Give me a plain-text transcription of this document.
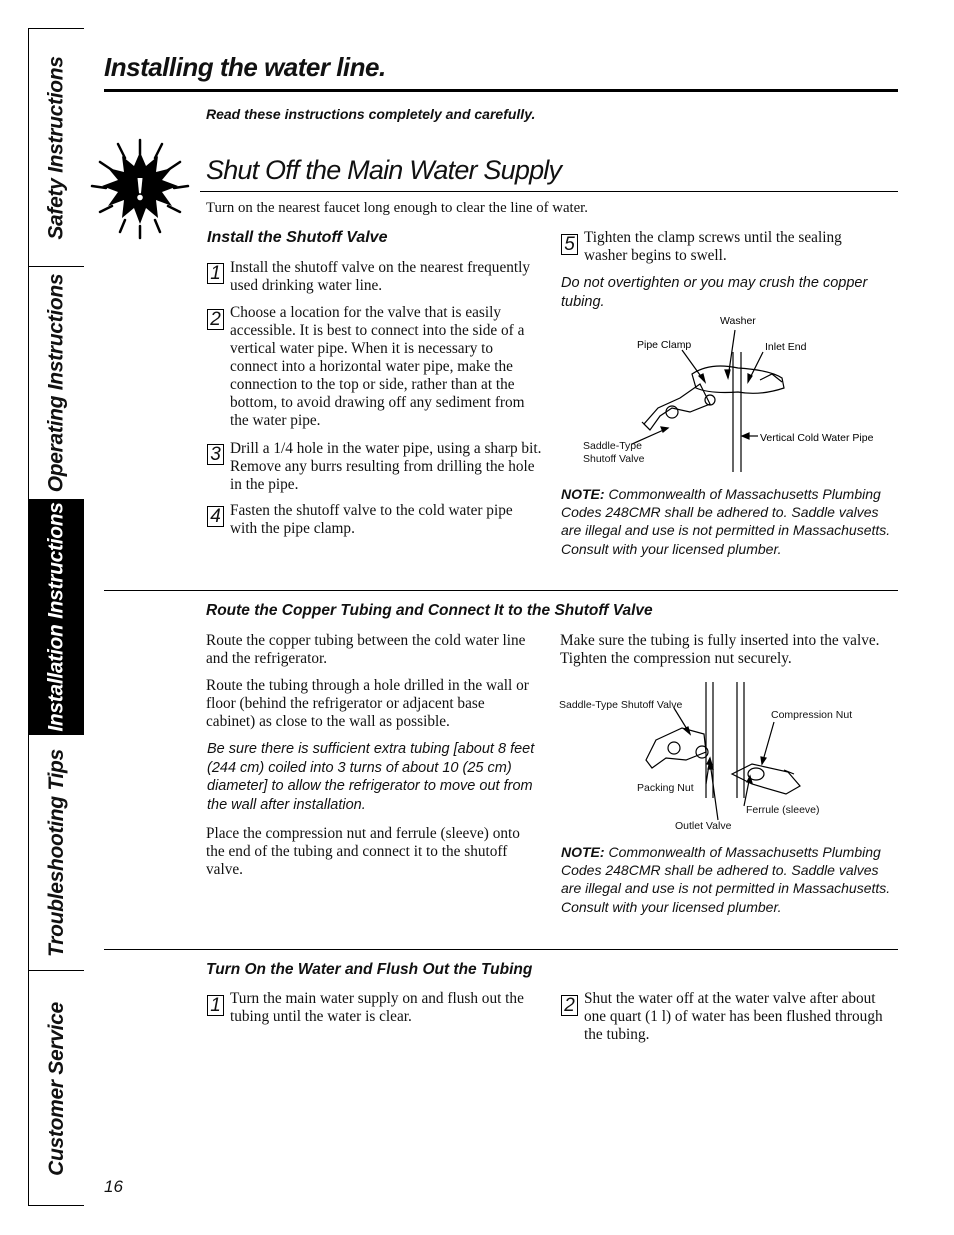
Safety Instructions
Operating Instructions
Installation Instructions
Troubleshooting Tips
Customer Service
Installing the water line.
Read these instructions completely and carefully.
!
Shut Off the Main Water Supply
Turn on the nearest faucet long enough to clear the line of water.
Install the Shutoff Valve
1 Install the shutoff valve on the nearest frequently used drinking water line.
2 Choose a location for the valve that is easily accessible. It is best to connect into the side of a vertical water pipe. When it is necessary to connect into a horizontal water pipe, make the connection to the top or side, rather than at the bottom, to avoid drawing off any sediment from the water pipe.
3 Drill a 1/4 hole in the water pipe, using a sharp bit. Remove any burrs resulting from drilling the hole in the pipe.
4 Fasten the shutoff valve to the cold water pipe with the pipe clamp.
5 Tighten the clamp screws until the sealing washer begins to swell.
Do not overtighten or you may crush the copper tubing.
Washer
Pipe Clamp	Inlet End
Vertical Cold Water Pipe
Saddle-Type
Shutoff Valve
NOTE: Commonwealth of Massachusetts Plumbing Codes 248CMR shall be adhered to. Saddle valves are illegal and use is not permitted in Massachusetts. Consult with your licensed plumber.
Route the Copper Tubing and Connect It to the Shutoff Valve
Route the copper tubing between the cold water line and the refrigerator.
Route the tubing through a hole drilled in the wall or floor (behind the refrigerator or adjacent base cabinet) as close to the wall as possible.
Be sure there is sufficient extra tubing [about 8 feet (244 cm) coiled into 3 turns of about 10 (25 cm) diameter] to allow the refrigerator to move out from the wall after installation.
Place the compression nut and ferrule (sleeve) onto the end of the tubing and connect it to the shutoff valve.
Make sure the tubing is fully inserted into the valve. Tighten the compression nut securely.
Saddle-Type Shutoff Valve
Compression Nut
Packing Nut
Ferrule (sleeve)
Outlet Valve
NOTE: Commonwealth of Massachusetts Plumbing Codes 248CMR shall be adhered to. Saddle valves are illegal and use is not permitted in Massachusetts. Consult with your licensed plumber.
Turn On the Water and Flush Out the Tubing
1 Turn the main water supply on and flush out the tubing until the water is clear.
2 Shut the water off at the water valve after about one quart (1 l) of water has been flushed through the tubing.
16
